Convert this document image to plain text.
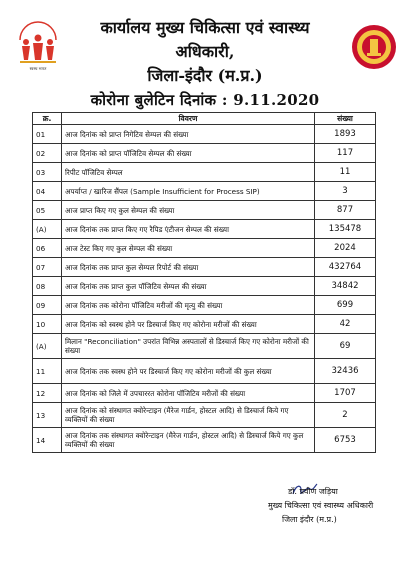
स्वस्थ भारत
कार्यालय मुख्य चिकित्सा एवं स्वास्थ्य अधिकारी,
जिला-इंदौर (म.प्र.)
कोरोना बुलेटिन दिनांक : 9.11.2020
क्र.	विवरण	संख्या
01	आज दिनांक को प्राप्त निगेटिव सेम्पल की संख्या	1893
02	आज दिनांक को प्राप्त पॉजिटिव सेम्पल की संख्या	117
03	रिपीट पॉजिटिव सेम्पल	11
04	अपर्याप्त / खारिज सैंपल (Sample Insufficient for Process SIP)	3
05	आज प्राप्त किए गए कुल सेम्पल की संख्या	877
(A)	आज दिनांक तक प्राप्त किए गए रैपिड एंटीजन सेम्पल की संख्या	135478
06	आज टेस्ट किए गए कुल सेम्पल की संख्या	2024
07	आज दिनांक तक प्राप्त कुल सेम्पल रिपोर्ट की संख्या	432764
08	आज दिनांक तक प्राप्त कुल पॉजिटिव सेम्पल की संख्या	34842
09	आज दिनांक तक कोरोना पॉजिटिव मरीजों की मृत्यु की संख्या	699
10	आज दिनांक को स्वस्थ होने पर डिस्चार्ज किए गए कोरोना मरीजों की संख्या	42
(A)	मिलान "Reconciliation" उपरांत विभिन्न अस्पतालों से डिस्चार्ज किए गए कोरोना मरीजों की संख्या	69
11	आज दिनांक तक स्वस्थ होने पर डिस्चार्ज किए गए कोरोना मरीजों की कुल संख्या	32436
12	आज दिनांक को जिले में उपचाररत कोरोना पॉजिटिव मरीजों की संख्या	1707
13	आज दिनांक को संस्थागत क्वोरेन्टाइन (मैरेज गार्डन, होस्टल आदि) से डिस्चार्ज किये गए व्यक्तियों की संख्या	2
14	आज दिनांक तक संस्थागत क्वोरेन्टाइन (मैरेज गार्डन, होस्टल आदि) से डिस्चार्ज किये गए कुल व्यक्तियों की संख्या	6753
डॉ. प्रवीण जड़िया
मुख्य चिकित्सा एवं स्वास्थ्य अधिकारी
जिला इंदौर (म.प्र.)
